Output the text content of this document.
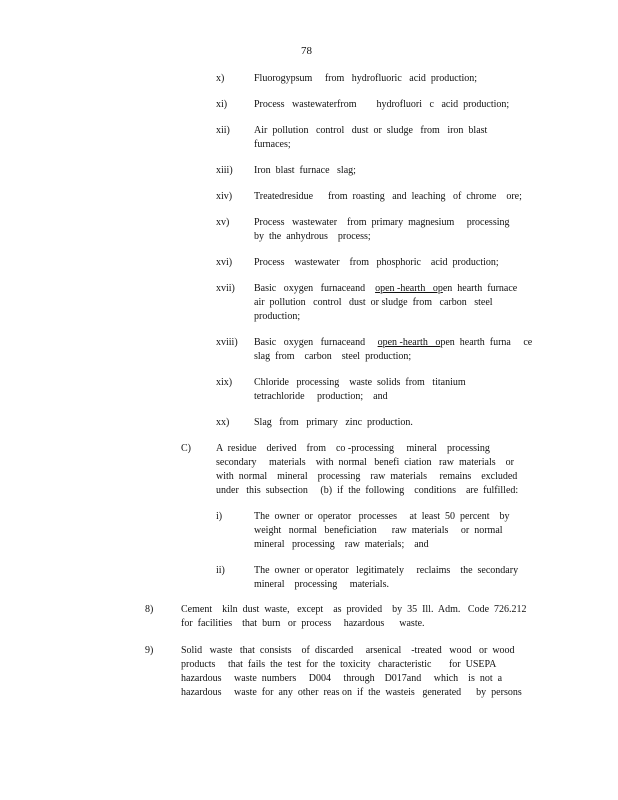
78
x)	Fluorogypsum     from   hydrofluoric   acid  production;
xi)	Process   wastewaterfrom        hydrofluori   c   acid  production;
xii) Air  pollution   control   dust  or  sludge   from   iron  blast
furnaces;
xiii) Iron  blast  furnace   slag;
xiv) Treatedresidue      from  roasting   and  leaching   of  chrome    ore;
xv) Process   wastewater    from  primary  magnesium     processing
by  the  anhydrous    process;
xvi) Process    wastewater    from   phosphoric    acid  production;
xvii) Basic   oxygen   furnaceand    open -hearth   open  hearth  furnace
air  pollution   control   dust  or sludge  from   carbon   steel
production;
xviii) Basic   oxygen   furnaceand     open -hearth   open  hearth  furna     ce
slag  from    carbon    steel  production;
xix) Chloride   processing    waste  solids  from   titanium
tetrachloride     production;    and
xx) Slag   from   primary   zinc  production.
C)	A  residue    derived    from    co -processing     mineral    processing
secondary     materials    with  normal   benefi  ciation   raw  materials    or
with  normal    mineral    processing    raw  materials     remains    excluded
under   this  subsection     (b)  if  the  following    conditions    are  fulfilled:
i)	The  owner  or  operator   processes     at  least  50  percent    by
weight   normal   beneficiation      raw  materials     or  normal
mineral   processing    raw  materials;    and
ii)	The  owner  or operator   legitimately     reclaims    the  secondary
mineral    processing     materials.
8)	Cement    kiln  dust  waste,   except    as  provided    by  35  Ill.  Adm.   Code  726.212
for  facilities    that  burn   or  process     hazardous      waste.
9)	Solid   waste   that  consists    of  discarded     arsenical    -treated   wood   or  wood
products     that  fails  the  test  for  the  toxicity   characteristic       for  USEPA
hazardous     waste  numbers     D004     through    D017and     which    is  not  a
hazardous     waste  for  any  other  reas on  if  the  wasteis   generated      by  persons
